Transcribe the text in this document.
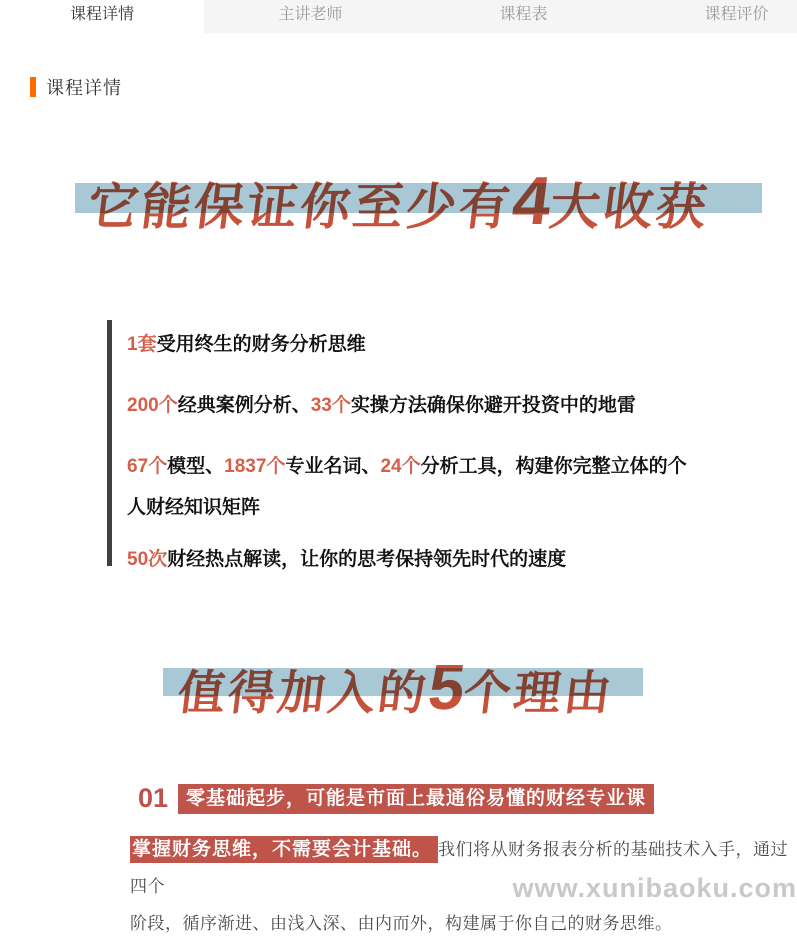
课程详情	主讲老师	课程表	课程评价
课程详情
它能保证你至少有4大收获
1套受用终生的财务分析思维
200个经典案例分析、33个实操方法确保你避开投资中的地雷
67个模型、1837个专业名词、24个分析工具，构建你完整立体的个
人财经知识矩阵
50次财经热点解读，让你的思考保持领先时代的速度
值得加入的5个理由
01 零基础起步，可能是市面上最通俗易懂的财经专业课
掌握财务思维，不需要会计基础。 我们将从财务报表分析的基础技术入手，通过四个
阶段，循序渐进、由浅入深、由内而外，构建属于你自己的财务思维。
www.xunibaoku.com
